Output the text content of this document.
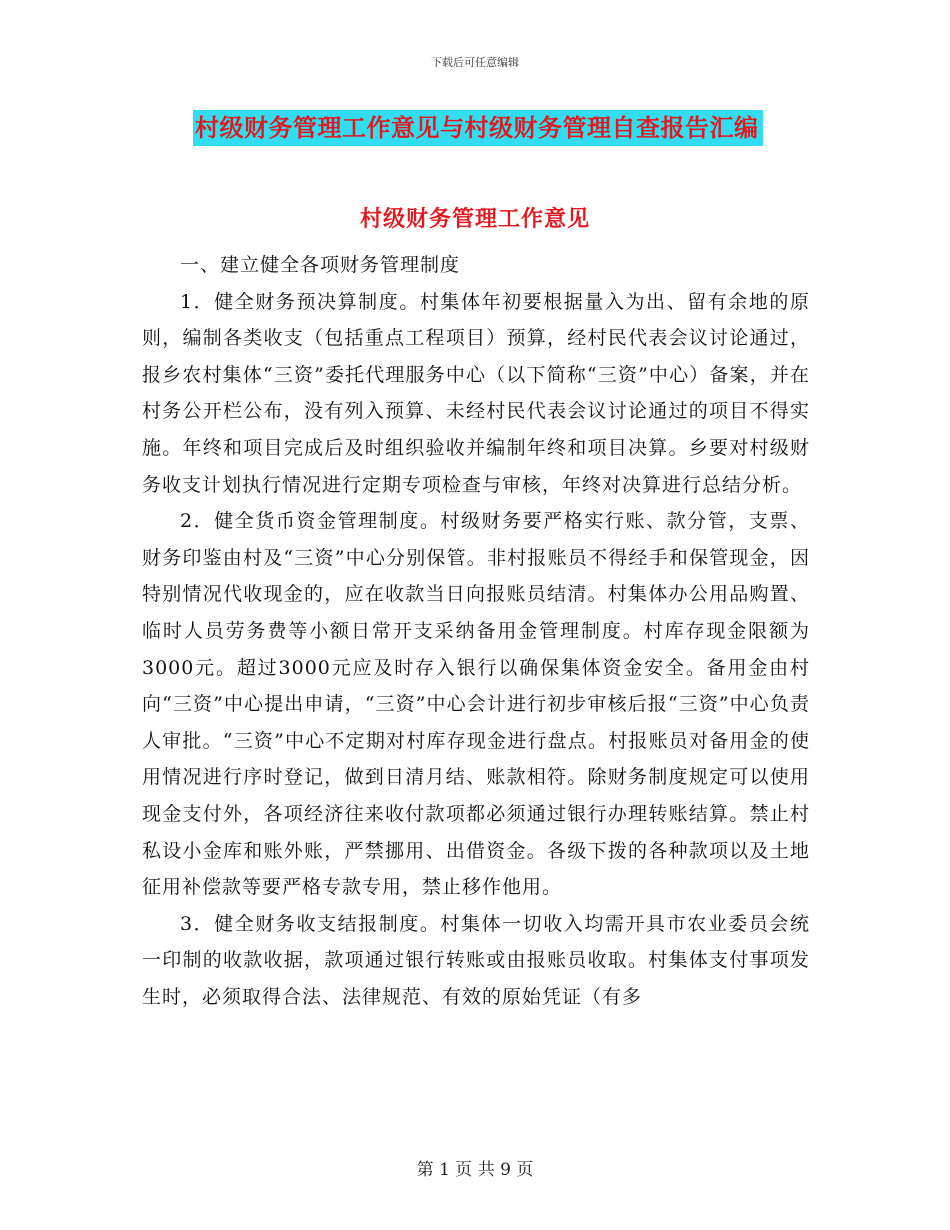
下载后可任意编辑
村级财务管理工作意见与村级财务管理自查报告汇编
村级财务管理工作意见

一、建立健全各项财务管理制度

1．健全财务预决算制度。村集体年初要根据量入为出、留有余地的原则，编制各类收支（包括重点工程项目）预算，经村民代表会议讨论通过，报乡农村集体“三资”委托代理服务中心（以下简称“三资”中心）备案，并在村务公开栏公布，没有列入预算、未经村民代表会议讨论通过的项目不得实施。年终和项目完成后及时组织验收并编制年终和项目决算。乡要对村级财务收支计划执行情况进行定期专项检查与审核，年终对决算进行总结分析。

2．健全货币资金管理制度。村级财务要严格实行账、款分管，支票、财务印鉴由村及“三资”中心分别保管。非村报账员不得经手和保管现金，因特别情况代收现金的，应在收款当日向报账员结清。村集体办公用品购置、临时人员劳务费等小额日常开支采纳备用金管理制度。村库存现金限额为3000元。超过3000元应及时存入银行以确保集体资金安全。备用金由村向“三资”中心提出申请，“三资”中心会计进行初步审核后报“三资”中心负责人审批。“三资”中心不定期对村库存现金进行盘点。村报账员对备用金的使用情况进行序时登记，做到日清月结、账款相符。除财务制度规定可以使用现金支付外，各项经济往来收付款项都必须通过银行办理转账结算。禁止村私设小金库和账外账，严禁挪用、出借资金。各级下拨的各种款项以及土地征用补偿款等要严格专款专用，禁止移作他用。

3．健全财务收支结报制度。村集体一切收入均需开具市农业委员会统一印制的收款收据，款项通过银行转账或由报账员收取。村集体支付事项发生时，必须取得合法、法律规范、有效的原始凭证（有多

第 1 页 共 9 页
